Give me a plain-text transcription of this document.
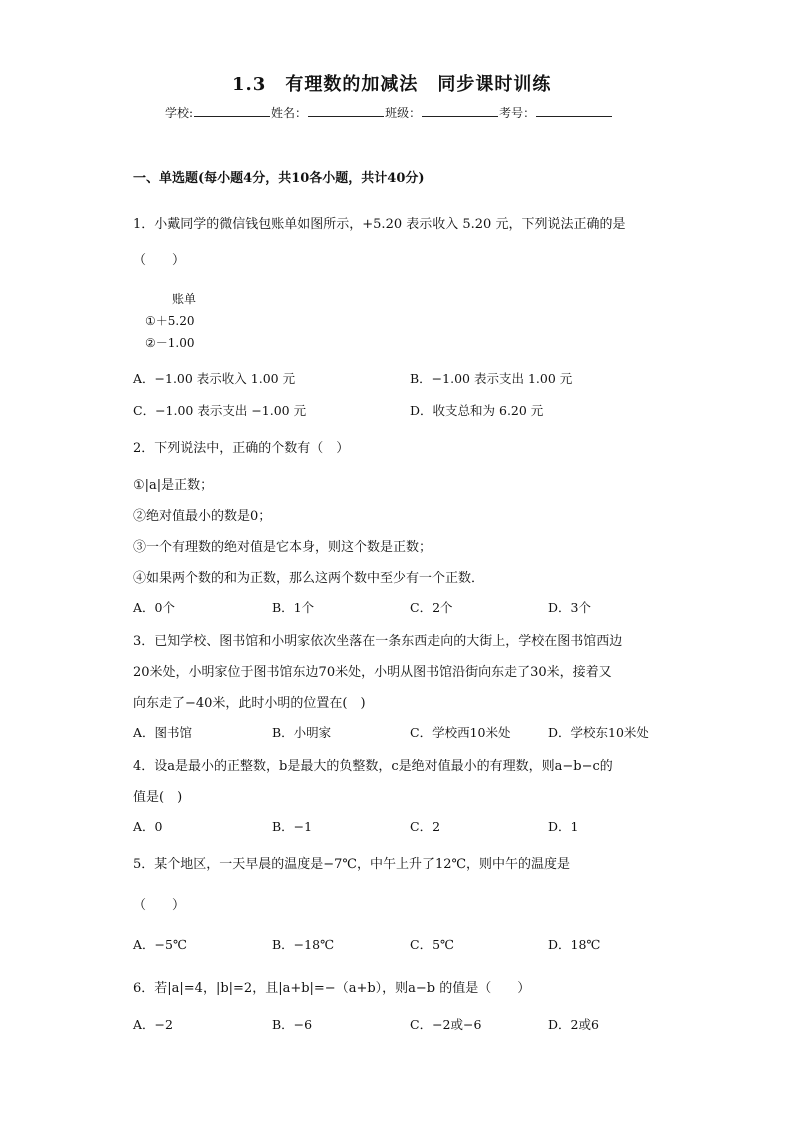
1.3　有理数的加减法　同步课时训练
学校:	姓名：	班级：	考号：
一、单选题(每小题4分，共10各小题，共计40分)
1．小戴同学的微信钱包账单如图所示，+5.20 表示收入 5.20 元，下列说法正确的是
（　　）
账单
①＋5.20
②－1.00
A．−1.00 表示收入 1.00 元	B．−1.00 表示支出 1.00 元
C．−1.00 表示支出 −1.00 元	D．收支总和为 6.20 元
2．下列说法中，正确的个数有（　）
①|a|是正数；
②绝对值最小的数是0；
③一个有理数的绝对值是它本身，则这个数是正数；
④如果两个数的和为正数，那么这两个数中至少有一个正数．
A．0个	B．1个	C．2个	D．3个
3．已知学校、图书馆和小明家依次坐落在一条东西走向的大街上，学校在图书馆西边
20米处，小明家位于图书馆东边70米处，小明从图书馆沿街向东走了30米，接着又
向东走了−40米，此时小明的位置在(　)
A．图书馆	B．小明家	C．学校西10米处	D．学校东10米处
4．设a是最小的正整数，b是最大的负整数，c是绝对值最小的有理数，则a−b−c的
值是(　)
A．0	B．−1	C．2	D．1
5．某个地区，一天早晨的温度是−7℃，中午上升了12℃，则中午的温度是
（　　）
A．−5℃	B．−18℃	C．5℃	D．18℃
6．若|a|=4，|b|=2，且|a+b|=−（a+b），则a−b 的值是（　　）
A．−2	B．−6	C．−2或−6	D．2或6
